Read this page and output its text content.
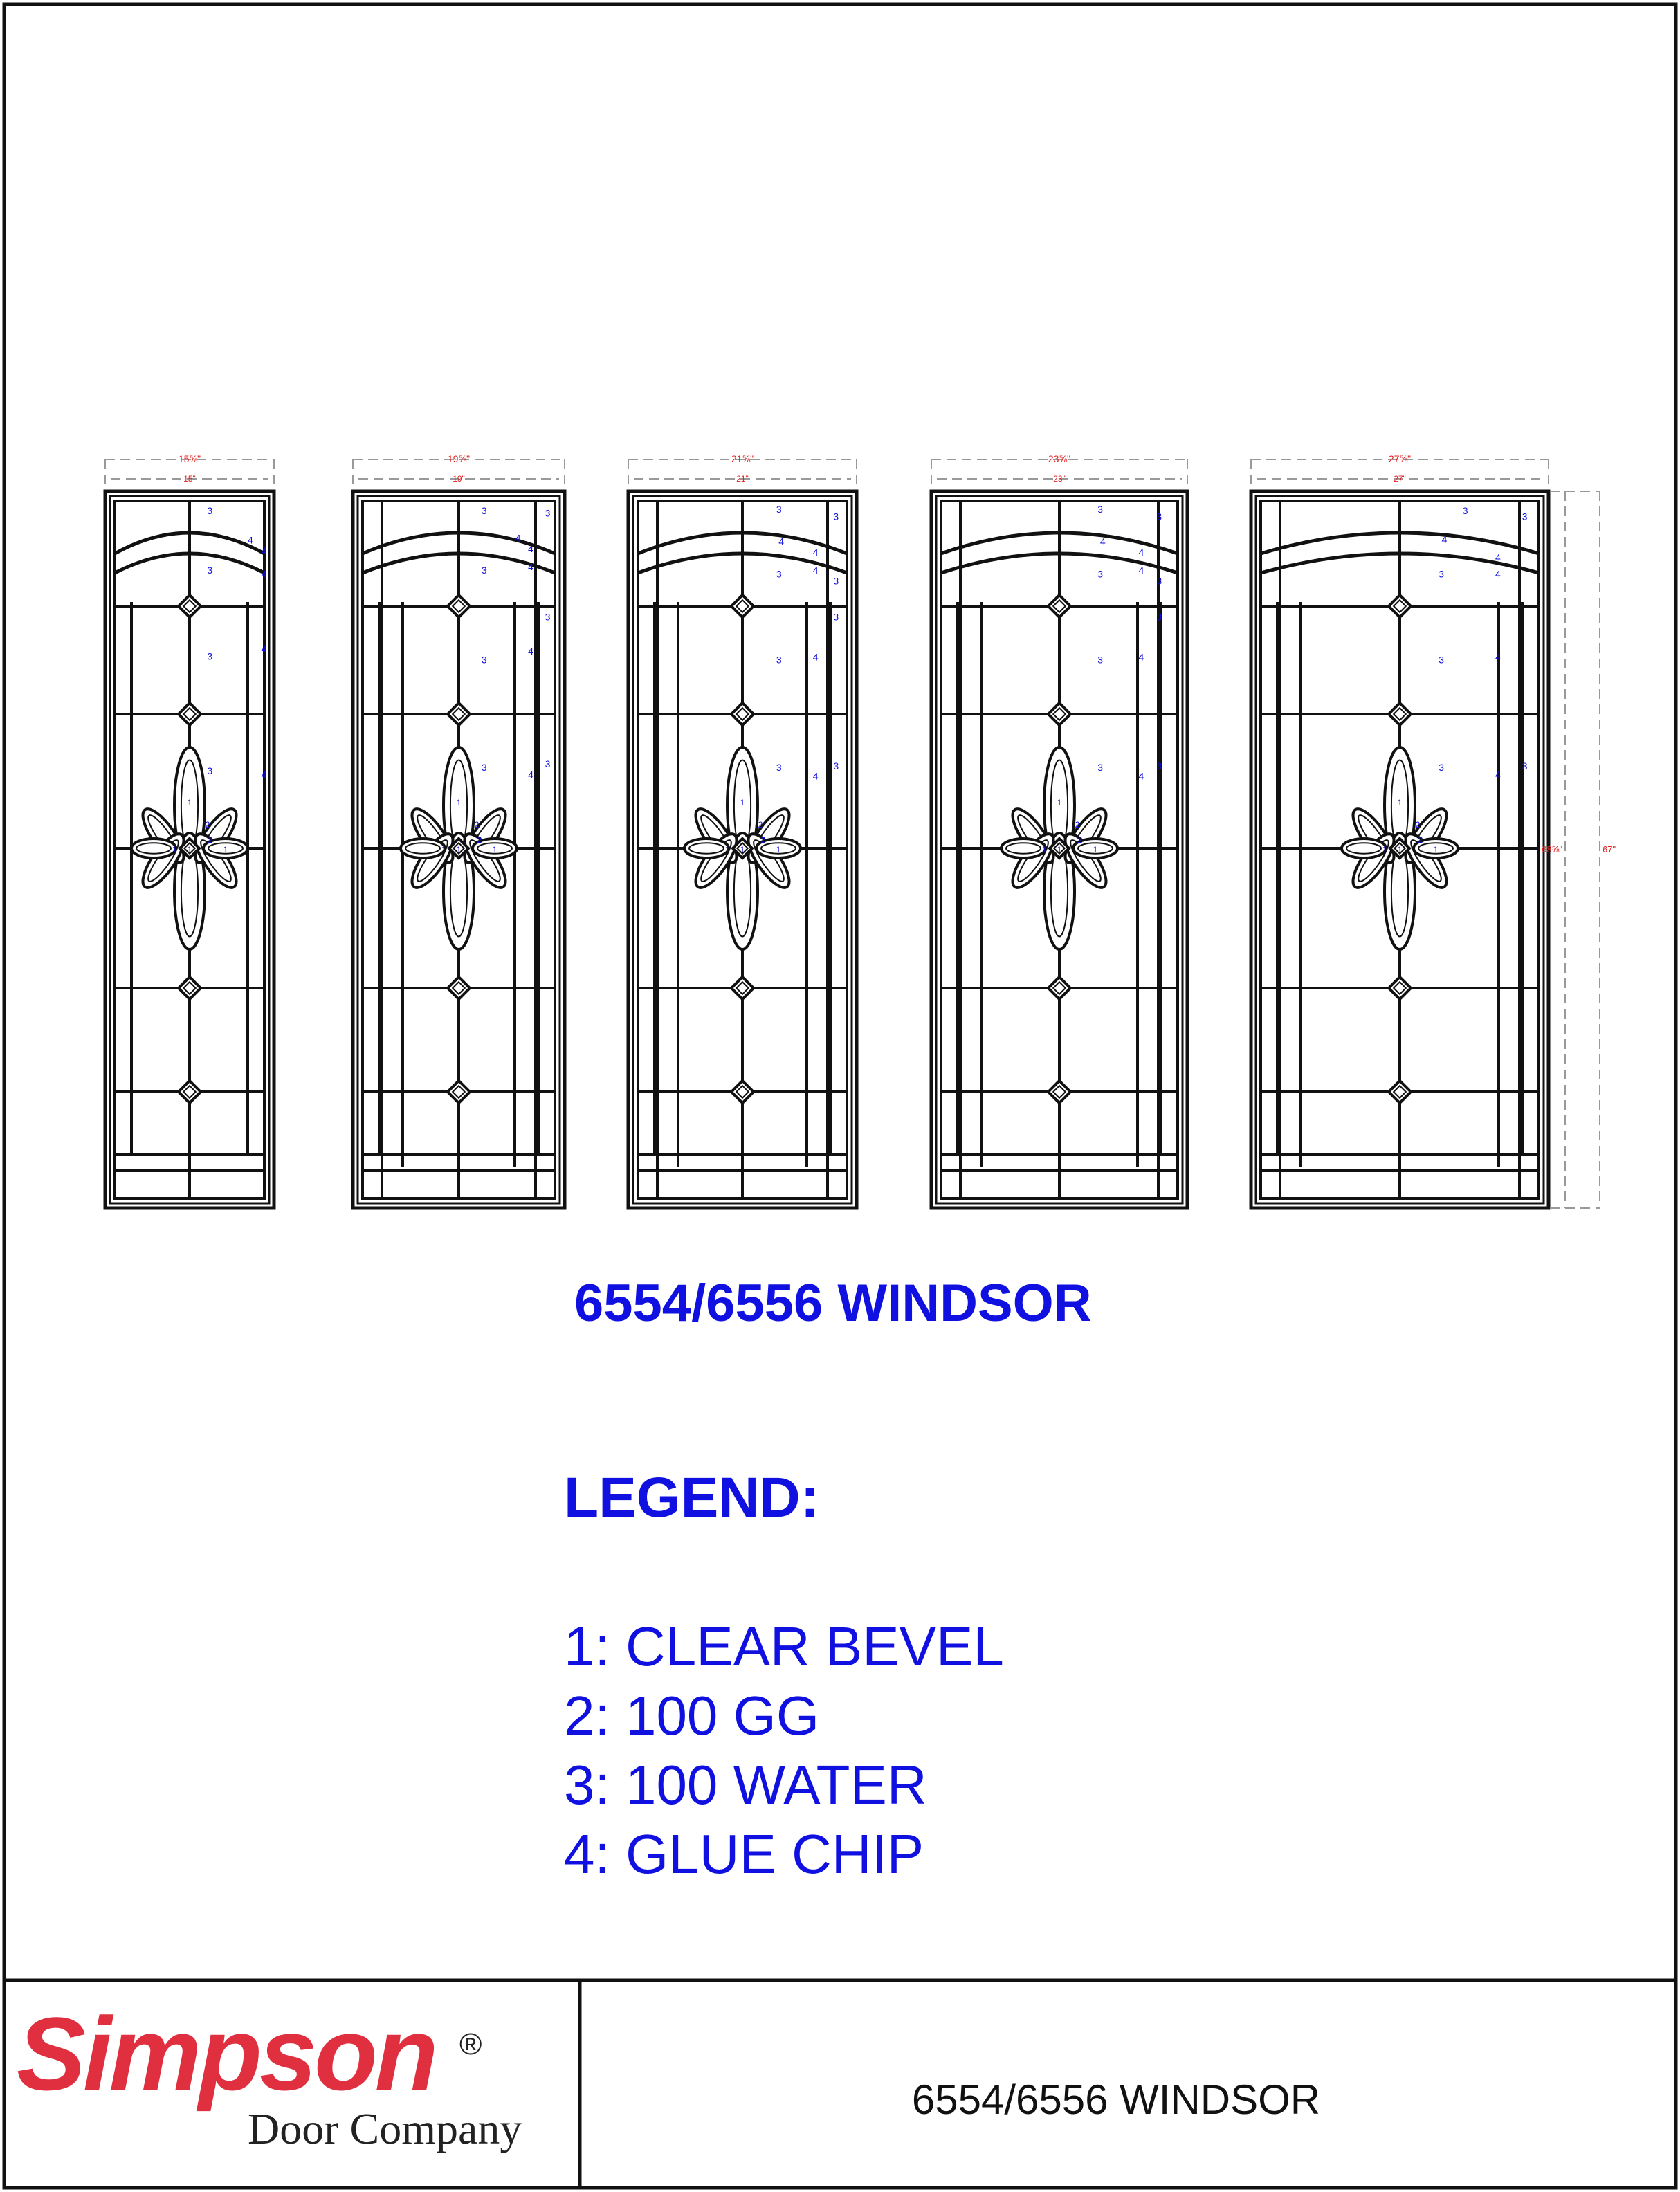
15⅝"
15"
1
2
2
1
1
1
3
4
4
4
3
3
4
3	4
19⅝"
19"
1
2
2
1
1
1
3	3
4
4
4
3
3
3
4
3
4
3
21⅝"
21"
1
2
2
1
1
1
3
3
4
4
4
3
3
3
3	4
3
4
3
23⅝"
23"
1
2
2
1
1
1
3
3
4
4
4
3
3
3
3	4
3
4
3
27⅝"
27"
1
2
2
1
1
1
3
3
4
4
4
3
3	4
3
4
3
68⅝"	67"
6554/6556 WINDSOR
LEGEND:
1: CLEAR BEVEL
2: 100 GG
3: 100 WATER
4: GLUE CHIP
Simpson ®
Door Company
6554/6556 WINDSOR
